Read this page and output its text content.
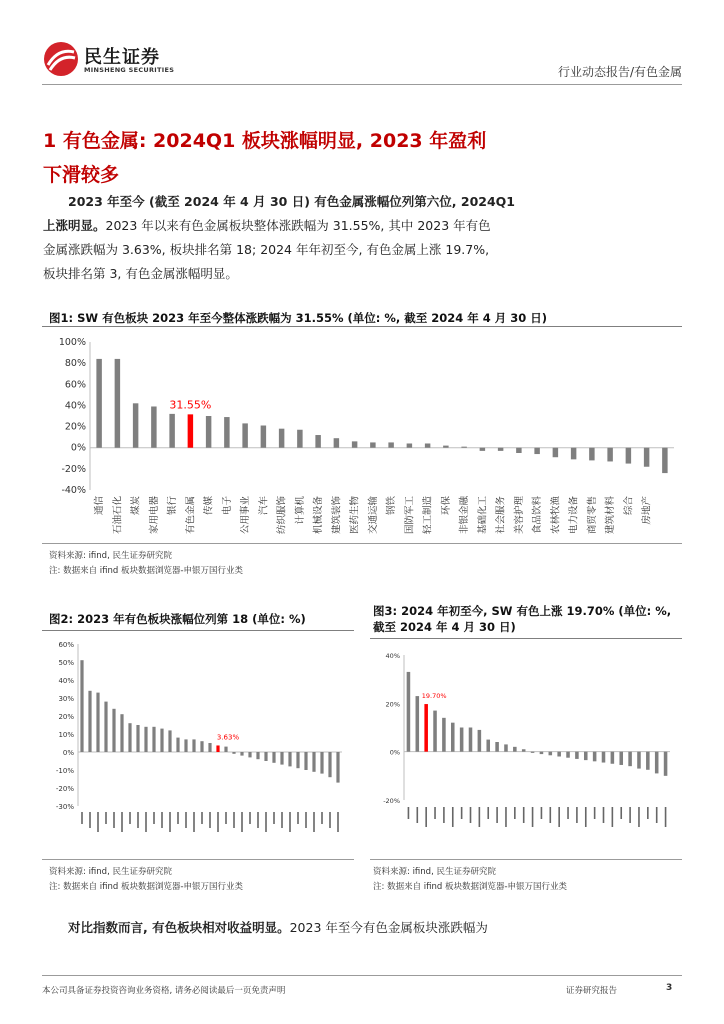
民生证券
MINSHENG SECURITIES	行业动态报告/有色金属
1 有色金属: 2024Q1 板块涨幅明显, 2023 年盈利
下滑较多
2023 年至今 (截至 2024 年 4 月 30 日) 有色金属涨幅位列第六位, 2024Q1
上涨明显。2023 年以来有色金属板块整体涨跌幅为 31.55%, 其中 2023 年有色
金属涨跌幅为 3.63%, 板块排名第 18; 2024 年年初至今, 有色金属上涨 19.7%,
板块排名第 3, 有色金属涨幅明显。
图1: SW 有色板块 2023 年至今整体涨跌幅为 31.55% (单位: %, 截至 2024 年 4 月 30 日)
100%
80%
60%
40%
20%
0%
-20%
-40%
31.55%
通信 石油石化 煤炭 家用电器 银行 有色金属 传媒 电子 公用事业 汽车 纺织服饰 计算机 机械设备 建筑装饰 医药生物 交通运输 钢铁 国防军工 轻工制造 环保 非银金融 基础化工 社会服务 美容护理 食品饮料 农林牧渔 电力设备 商贸零售 建筑材料 综合 房地产
资料来源: ifind, 民生证券研究院
注: 数据来自 ifind 板块数据浏览器-申银万国行业类
图2: 2023 年有色板块涨幅位列第 18 (单位: %)
60%
50%
40%
30%
20%
10%
0%
-10%
-20%
-30%
3.63%
资料来源: ifind, 民生证券研究院
注: 数据来自 ifind 板块数据浏览器-申银万国行业类
图3: 2024 年初至今, SW 有色上涨 19.70% (单位: %,
截至 2024 年 4 月 30 日)
40%
20%
0%
-20%
19.70%
资料来源: ifind, 民生证券研究院
注: 数据来自 ifind 板块数据浏览器-申银万国行业类
对比指数而言, 有色板块相对收益明显。2023 年至今有色金属板块涨跌幅为
本公司具备证券投资咨询业务资格, 请务必阅读最后一页免责声明	证券研究报告	3
